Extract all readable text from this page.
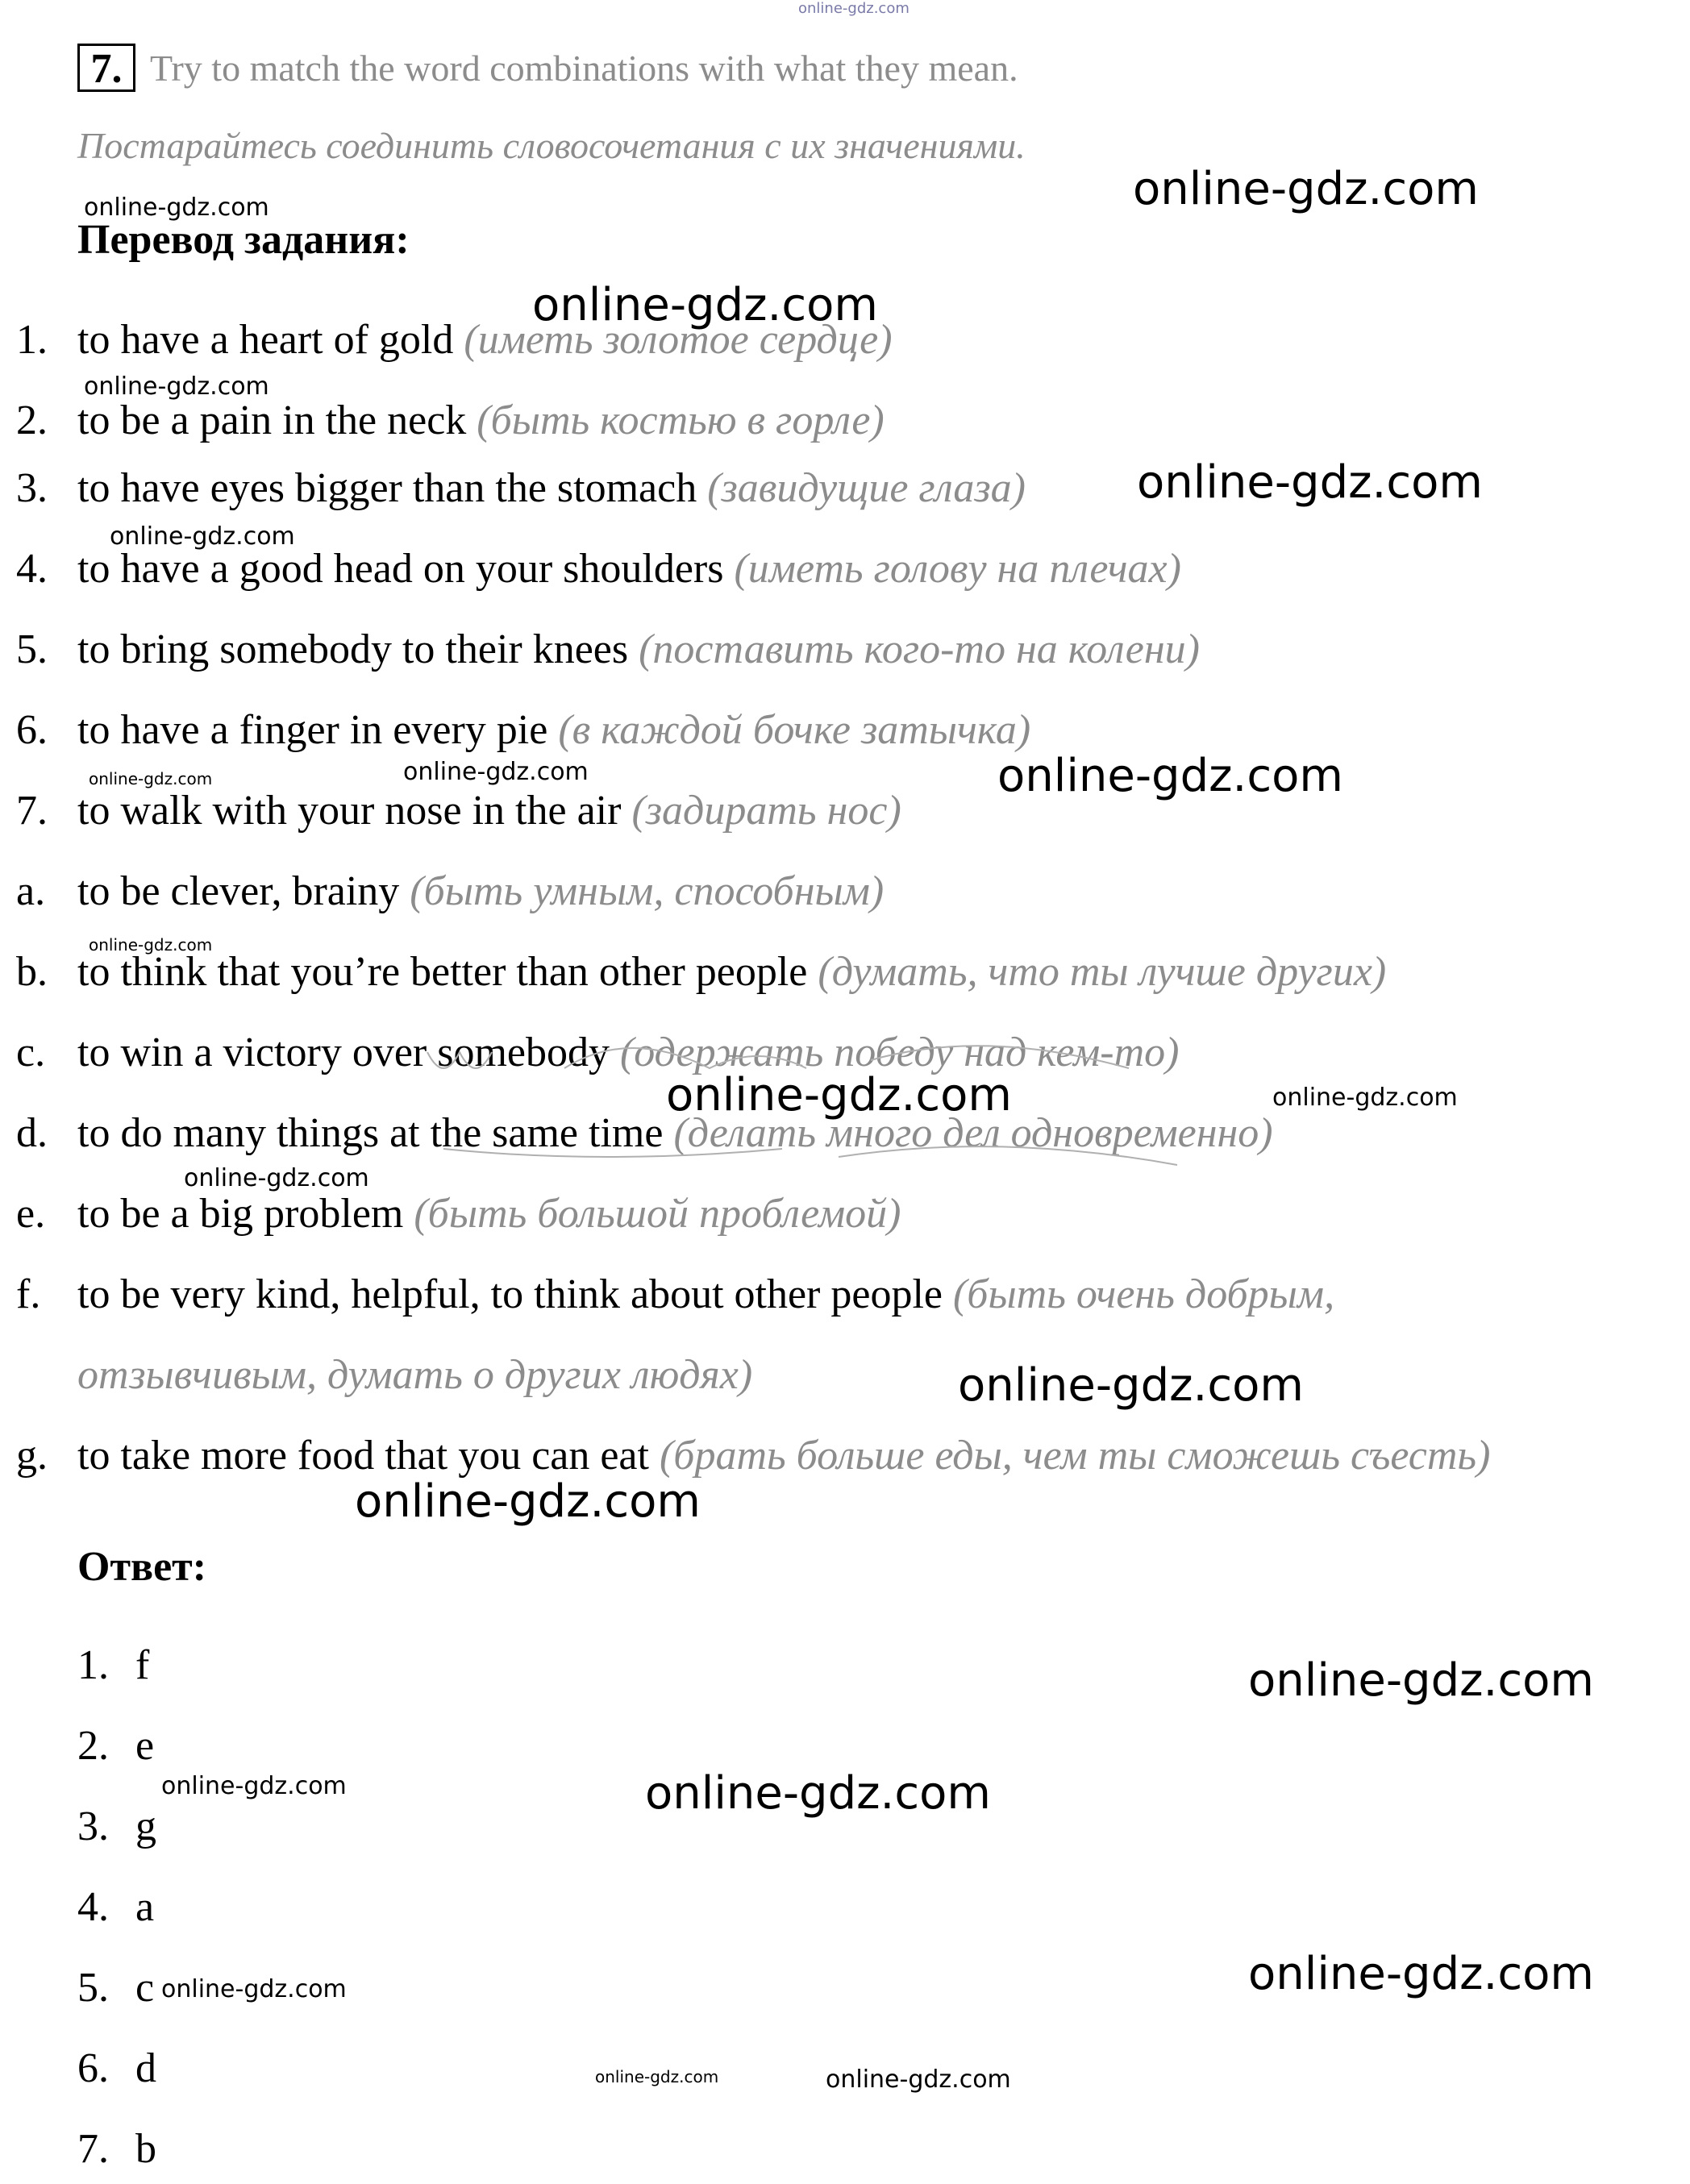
online-gdz.com
7. Try to match the word combinations with what they mean.
Постарайтесь соединить словосочетания с их значениями.
Перевод задания:
1. to have a heart of gold (иметь золотое сердце)
2. to be a pain in the neck (быть костью в горле)
3. to have eyes bigger than the stomach (завидущие глаза)
4. to have a good head on your shoulders (иметь голову на плечах)
5. to bring somebody to their knees (поставить кого-то на колени)
6. to have a finger in every pie (в каждой бочке затычка)
7. to walk with your nose in the air (задирать нос)
a. to be clever, brainy (быть умным, способным)
b. to think that you’re better than other people (думать, что ты лучше других)
c. to win a victory over somebody (одержать победу над кем-то)
d. to do many things at the same time (делать много дел одновременно)
e. to be a big problem (быть большой проблемой)
f. to be very kind, helpful, to think about other people (быть очень добрым,
отзывчивым, думать о других людях)
g. to take more food that you can eat (брать больше еды, чем ты сможешь съесть)
Ответ:
1. f
2. e
3. g
4. a
5. c
6. d
7. b
online-gdz.com
online-gdz.com
online-gdz.com
online-gdz.com
online-gdz.com
online-gdz.com
online-gdz.com	online-gdz.com
online-gdz.com
online-gdz.com
online-gdz.com	online-gdz.com
online-gdz.com
online-gdz.com
online-gdz.com
online-gdz.com
online-gdz.com	online-gdz.com
online-gdz.com
online-gdz.com
online-gdz.com	online-gdz.com
